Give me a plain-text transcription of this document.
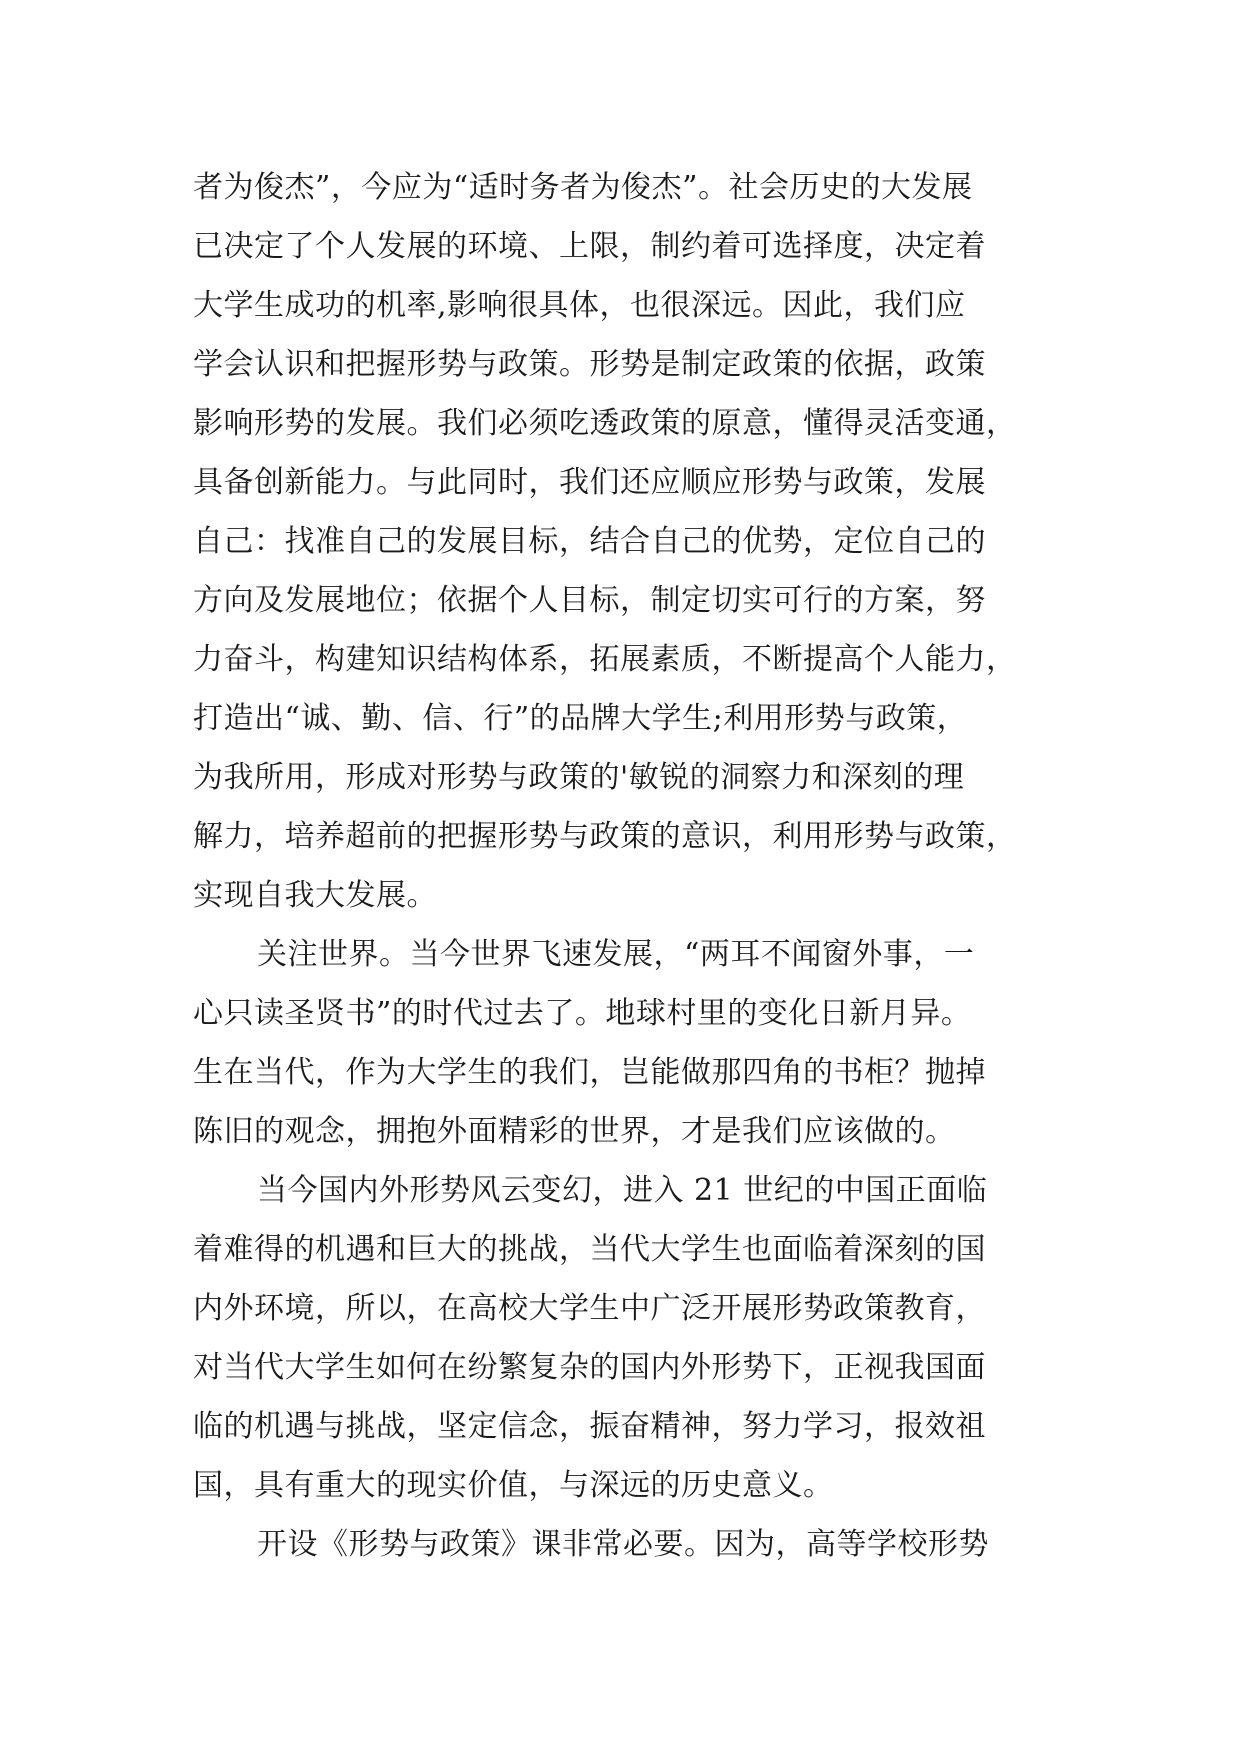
者为俊杰”，今应为“适时务者为俊杰”。社会历史的大发展
已决定了个人发展的环境、上限，制约着可选择度，决定着
大学生成功的机率,影响很具体，也很深远。因此，我们应
学会认识和把握形势与政策。形势是制定政策的依据，政策
影响形势的发展。我们必须吃透政策的原意，懂得灵活变通，
具备创新能力。与此同时，我们还应顺应形势与政策，发展
自己：找准自己的发展目标，结合自己的优势，定位自己的
方向及发展地位；依据个人目标，制定切实可行的方案，努
力奋斗，构建知识结构体系，拓展素质，不断提高个人能力，
打造出“诚、勤、信、行”的品牌大学生;利用形势与政策，
为我所用，形成对形势与政策的'敏锐的洞察力和深刻的理
解力，培养超前的把握形势与政策的意识，利用形势与政策，
实现自我大发展。
关注世界。当今世界飞速发展，“两耳不闻窗外事，一
心只读圣贤书”的时代过去了。地球村里的变化日新月异。
生在当代，作为大学生的我们，岂能做那四角的书柜？抛掉
陈旧的观念，拥抱外面精彩的世界，才是我们应该做的。
当今国内外形势风云变幻，进入 21 世纪的中国正面临
着难得的机遇和巨大的挑战，当代大学生也面临着深刻的国
内外环境，所以，在高校大学生中广泛开展形势政策教育，
对当代大学生如何在纷繁复杂的国内外形势下，正视我国面
临的机遇与挑战，坚定信念，振奋精神，努力学习，报效祖
国，具有重大的现实价值，与深远的历史意义。
开设《形势与政策》课非常必要。因为，高等学校形势
